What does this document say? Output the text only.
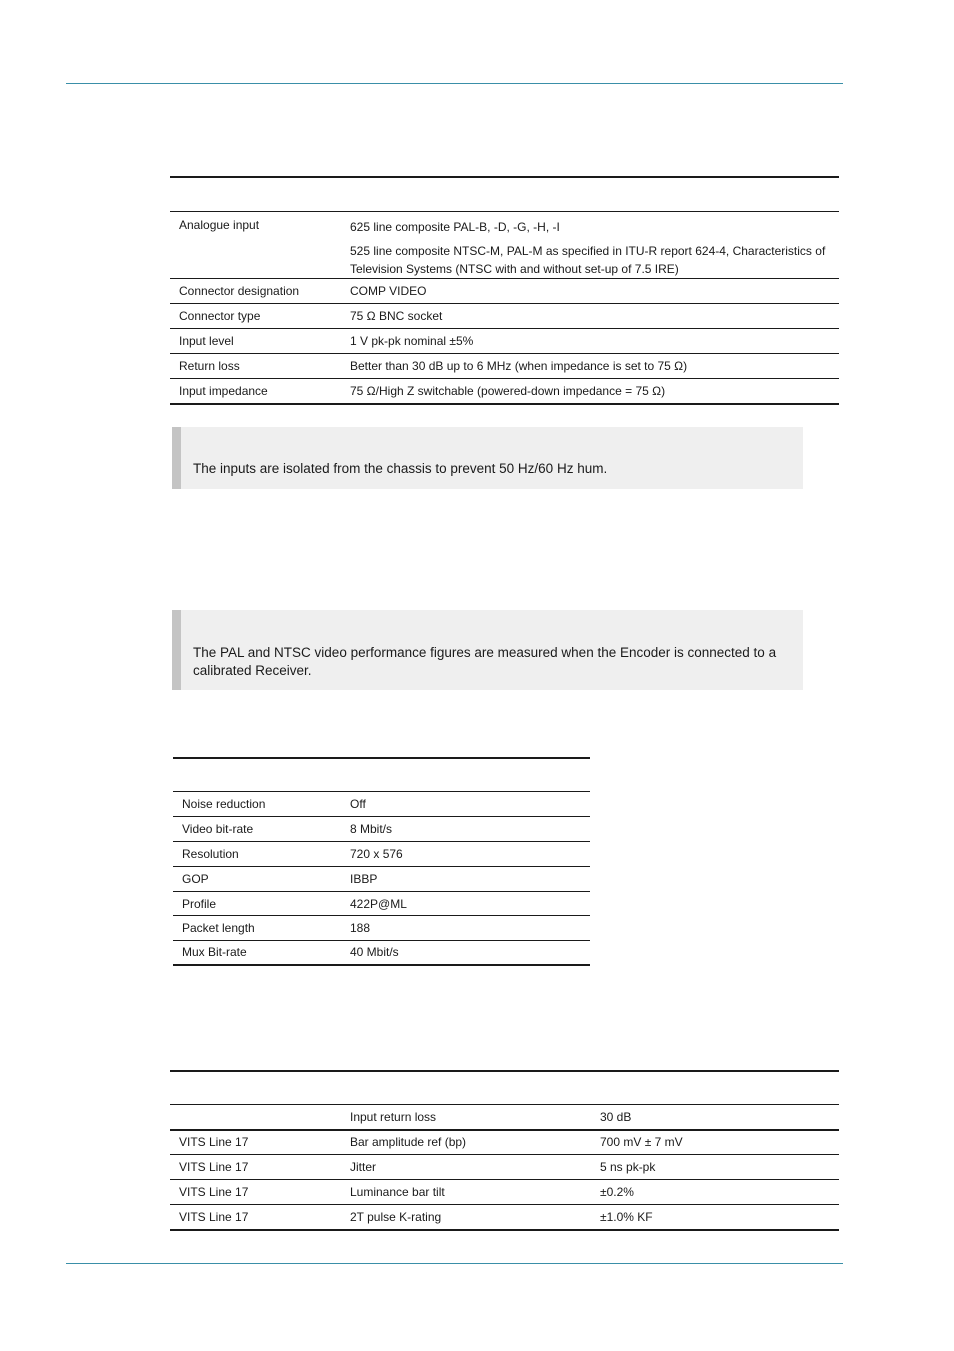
Analogue input	625 line composite PAL-B, -D, -G, -H, -I
525 line composite NTSC-M, PAL-M as specified in ITU-R report 624-4, Characteristics of Television Systems (NTSC with and without set-up of 7.5 IRE)

Connector designation	COMP VIDEO
Connector type	75 Ω BNC socket
Input level	1 V pk-pk nominal ±5%
Return loss	Better than 30 dB up to 6 MHz (when impedance is set to 75 Ω)
Input impedance	75 Ω/High Z switchable (powered-down impedance = 75 Ω)
The inputs are isolated from the chassis to prevent 50 Hz/60 Hz hum.
The PAL and NTSC video performance figures are measured when the Encoder is connected to a calibrated Receiver.
Noise reduction	Off
Video bit-rate	8 Mbit/s
Resolution	720 x 576
GOP	IBBP
Profile	422P@ML
Packet length	188
Mux Bit-rate	40 Mbit/s
	Input return loss	30 dB
VITS Line 17	Bar amplitude ref (bp)	700 mV ± 7 mV
VITS Line 17	Jitter	5 ns pk-pk
VITS Line 17	Luminance bar tilt	±0.2%
VITS Line 17	2T pulse K-rating	±1.0% KF
